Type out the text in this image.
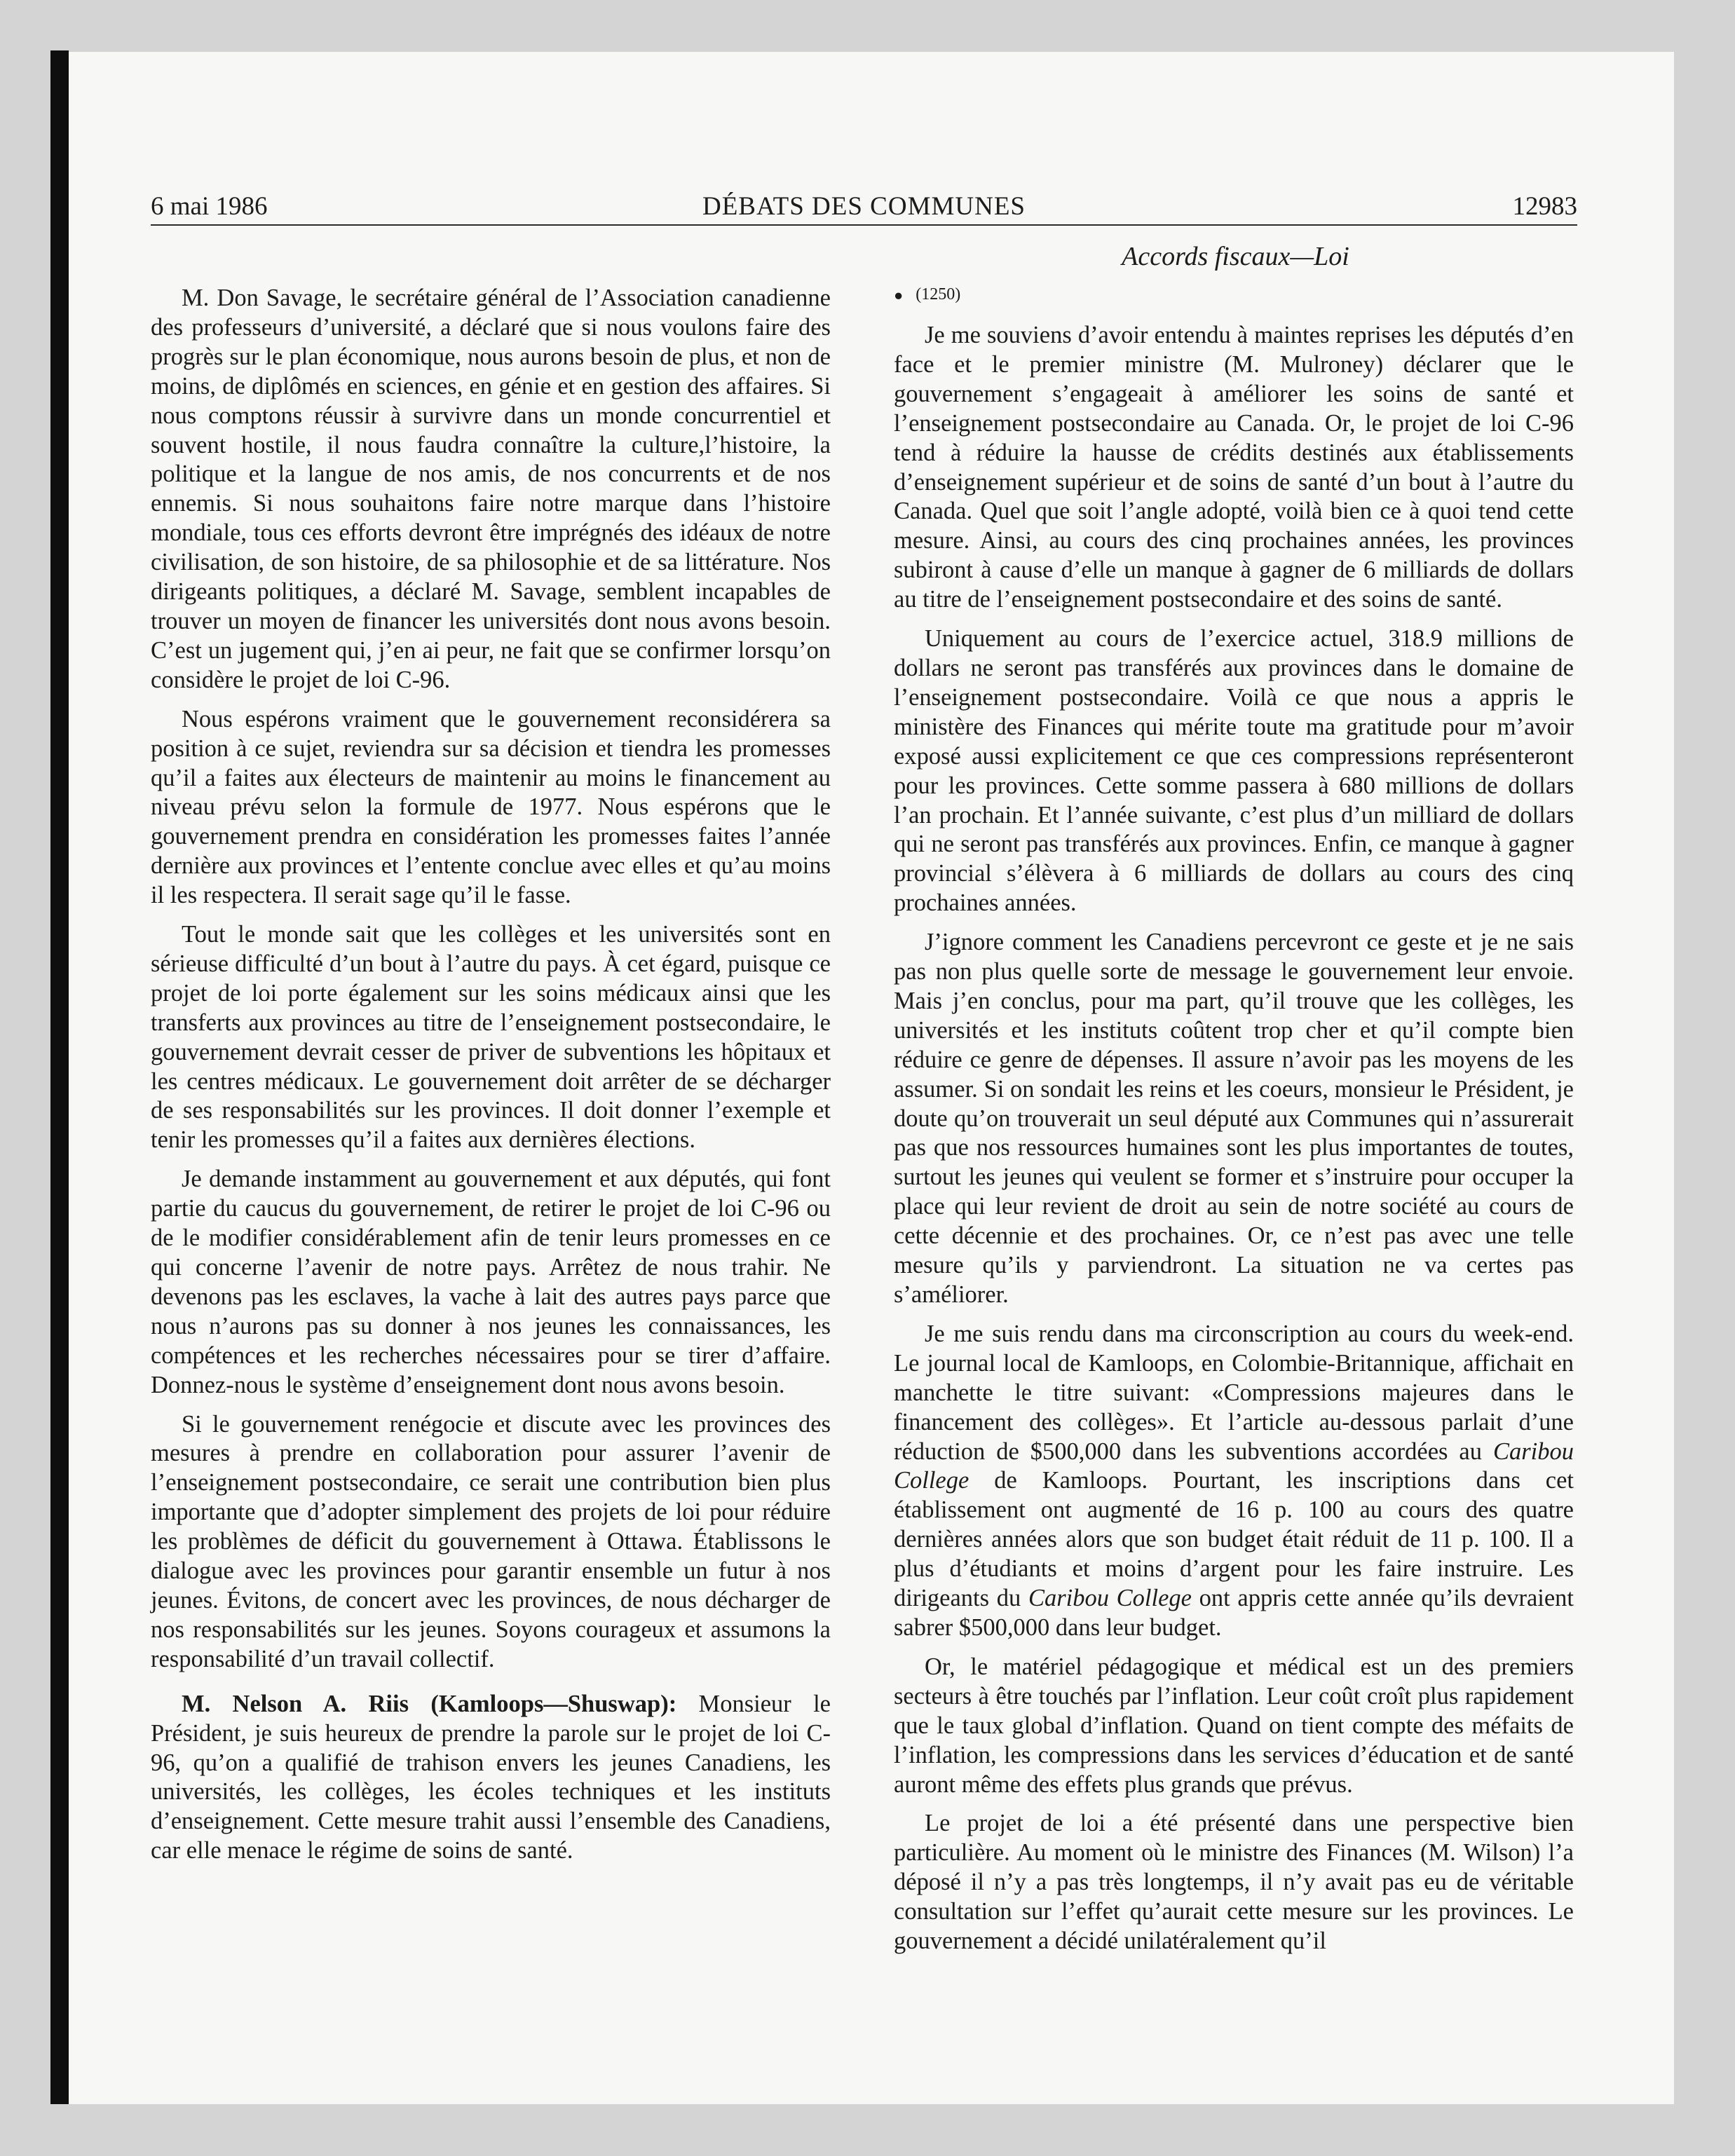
6 mai 1986	DÉBATS DES COMMUNES	12983
Accords fiscaux—Loi

M. Don Savage, le secrétaire général de l’Association canadienne des professeurs d’université, a déclaré que si nous voulons faire des progrès sur le plan économique, nous aurons besoin de plus, et non de moins, de diplômés en sciences, en génie et en gestion des affaires. Si nous comptons réussir à survivre dans un monde concurrentiel et souvent hostile, il nous faudra connaître la culture,l’histoire, la politique et la langue de nos amis, de nos concurrents et de nos ennemis. Si nous souhaitons faire notre marque dans l’histoire mondiale, tous ces efforts devront être imprégnés des idéaux de notre civilisation, de son histoire, de sa philosophie et de sa littérature. Nos dirigeants politiques, a déclaré M. Savage, semblent incapables de trouver un moyen de financer les universités dont nous avons besoin. C’est un jugement qui, j’en ai peur, ne fait que se confirmer lorsqu’on considère le projet de loi C-96.

Nous espérons vraiment que le gouvernement reconsidérera sa position à ce sujet, reviendra sur sa décision et tiendra les promesses qu’il a faites aux électeurs de maintenir au moins le financement au niveau prévu selon la formule de 1977. Nous espérons que le gouvernement prendra en considération les promesses faites l’année dernière aux provinces et l’entente conclue avec elles et qu’au moins il les respectera. Il serait sage qu’il le fasse.

Tout le monde sait que les collèges et les universités sont en sérieuse difficulté d’un bout à l’autre du pays. À cet égard, puisque ce projet de loi porte également sur les soins médicaux ainsi que les transferts aux provinces au titre de l’enseignement postsecondaire, le gouvernement devrait cesser de priver de subventions les hôpitaux et les centres médicaux. Le gouvernement doit arrêter de se décharger de ses responsabilités sur les provinces. Il doit donner l’exemple et tenir les promesses qu’il a faites aux dernières élections.

Je demande instamment au gouvernement et aux députés, qui font partie du caucus du gouvernement, de retirer le projet de loi C-96 ou de le modifier considérablement afin de tenir leurs promesses en ce qui concerne l’avenir de notre pays. Arrêtez de nous trahir. Ne devenons pas les esclaves, la vache à lait des autres pays parce que nous n’aurons pas su donner à nos jeunes les connaissances, les compétences et les recherches nécessaires pour se tirer d’affaire. Donnez-nous le système d’enseignement dont nous avons besoin.

Si le gouvernement renégocie et discute avec les provinces des mesures à prendre en collaboration pour assurer l’avenir de l’enseignement postsecondaire, ce serait une contribution bien plus importante que d’adopter simplement des projets de loi pour réduire les problèmes de déficit du gouvernement à Ottawa. Établissons le dialogue avec les provinces pour garantir ensemble un futur à nos jeunes. Évitons, de concert avec les provinces, de nous décharger de nos responsabilités sur les jeunes. Soyons courageux et assumons la responsabilité d’un travail collectif.

M. Nelson A. Riis (Kamloops—Shuswap): Monsieur le Président, je suis heureux de prendre la parole sur le projet de loi C-96, qu’on a qualifié de trahison envers les jeunes Canadiens, les universités, les collèges, les écoles techniques et les instituts d’enseignement. Cette mesure trahit aussi l’ensemble des Canadiens, car elle menace le régime de soins de santé.

● (1250)

Je me souviens d’avoir entendu à maintes reprises les députés d’en face et le premier ministre (M. Mulroney) déclarer que le gouvernement s’engageait à améliorer les soins de santé et l’enseignement postsecondaire au Canada. Or, le projet de loi C-96 tend à réduire la hausse de crédits destinés aux établissements d’enseignement supérieur et de soins de santé d’un bout à l’autre du Canada. Quel que soit l’angle adopté, voilà bien ce à quoi tend cette mesure. Ainsi, au cours des cinq prochaines années, les provinces subiront à cause d’elle un manque à gagner de 6 milliards de dollars au titre de l’enseignement postsecondaire et des soins de santé.

Uniquement au cours de l’exercice actuel, 318.9 millions de dollars ne seront pas transférés aux provinces dans le domaine de l’enseignement postsecondaire. Voilà ce que nous a appris le ministère des Finances qui mérite toute ma gratitude pour m’avoir exposé aussi explicitement ce que ces compressions représenteront pour les provinces. Cette somme passera à 680 millions de dollars l’an prochain. Et l’année suivante, c’est plus d’un milliard de dollars qui ne seront pas transférés aux provinces. Enfin, ce manque à gagner provincial s’élèvera à 6 milliards de dollars au cours des cinq prochaines années.

J’ignore comment les Canadiens percevront ce geste et je ne sais pas non plus quelle sorte de message le gouvernement leur envoie. Mais j’en conclus, pour ma part, qu’il trouve que les collèges, les universités et les instituts coûtent trop cher et qu’il compte bien réduire ce genre de dépenses. Il assure n’avoir pas les moyens de les assumer. Si on sondait les reins et les coeurs, monsieur le Président, je doute qu’on trouverait un seul député aux Communes qui n’assurerait pas que nos ressources humaines sont les plus importantes de toutes, surtout les jeunes qui veulent se former et s’instruire pour occuper la place qui leur revient de droit au sein de notre société au cours de cette décennie et des prochaines. Or, ce n’est pas avec une telle mesure qu’ils y parviendront. La situation ne va certes pas s’améliorer.

Je me suis rendu dans ma circonscription au cours du week-end. Le journal local de Kamloops, en Colombie-Britannique, affichait en manchette le titre suivant: «Compressions majeures dans le financement des collèges». Et l’article au-dessous parlait d’une réduction de $500,000 dans les subventions accordées au Caribou College de Kamloops. Pourtant, les inscriptions dans cet établissement ont augmenté de 16 p. 100 au cours des quatre dernières années alors que son budget était réduit de 11 p. 100. Il a plus d’étudiants et moins d’argent pour les faire instruire. Les dirigeants du Caribou College ont appris cette année qu’ils devraient sabrer $500,000 dans leur budget.

Or, le matériel pédagogique et médical est un des premiers secteurs à être touchés par l’inflation. Leur coût croît plus rapidement que le taux global d’inflation. Quand on tient compte des méfaits de l’inflation, les compressions dans les services d’éducation et de santé auront même des effets plus grands que prévus.

Le projet de loi a été présenté dans une perspective bien particulière. Au moment où le ministre des Finances (M. Wilson) l’a déposé il n’y a pas très longtemps, il n’y avait pas eu de véritable consultation sur l’effet qu’aurait cette mesure sur les provinces. Le gouvernement a décidé unilatéralement qu’il
